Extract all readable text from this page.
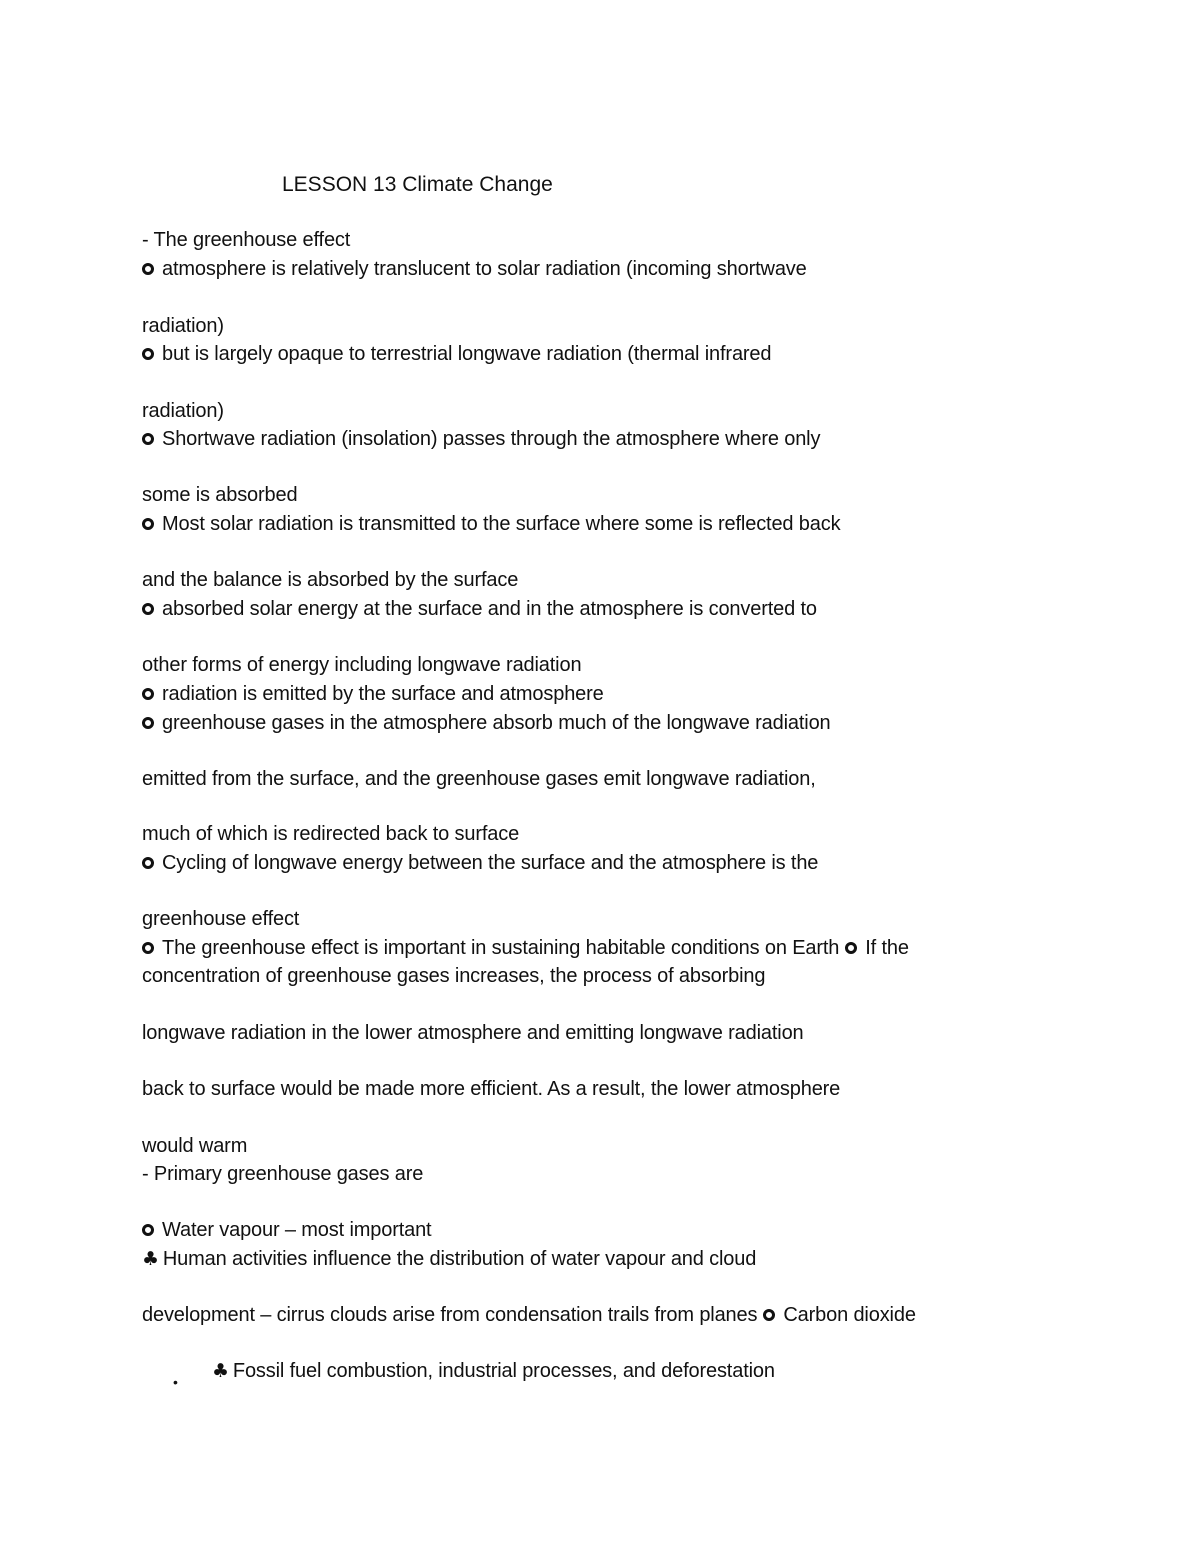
LESSON 13 Climate Change
- The greenhouse effect
atmosphere is relatively translucent to solar radiation (incoming shortwave
radiation)
but is largely opaque to terrestrial longwave radiation (thermal infrared
radiation)
Shortwave radiation (insolation) passes through the atmosphere where only
some is absorbed
Most solar radiation is transmitted to the surface where some is reflected back
and the balance is absorbed by the surface
absorbed solar energy at the surface and in the atmosphere is converted to
other forms of energy including longwave radiation
radiation is emitted by the surface and atmosphere
greenhouse gases in the atmosphere absorb much of the longwave radiation
emitted from the surface, and the greenhouse gases emit longwave radiation,
much of which is redirected back to surface
Cycling of longwave energy between the surface and the atmosphere is the
greenhouse effect
The greenhouse effect is important in sustaining habitable conditions on Earth If the
concentration of greenhouse gases increases, the process of absorbing
longwave radiation in the lower atmosphere and emitting longwave radiation
back to surface would be made more efficient. As a result, the lower atmosphere
would warm
- Primary greenhouse gases are
Water vapour – most important
♣ Human activities influence the distribution of water vapour and cloud
development – cirrus clouds arise from condensation trails from planes Carbon dioxide
• ♣ Fossil fuel combustion, industrial processes, and deforestation
